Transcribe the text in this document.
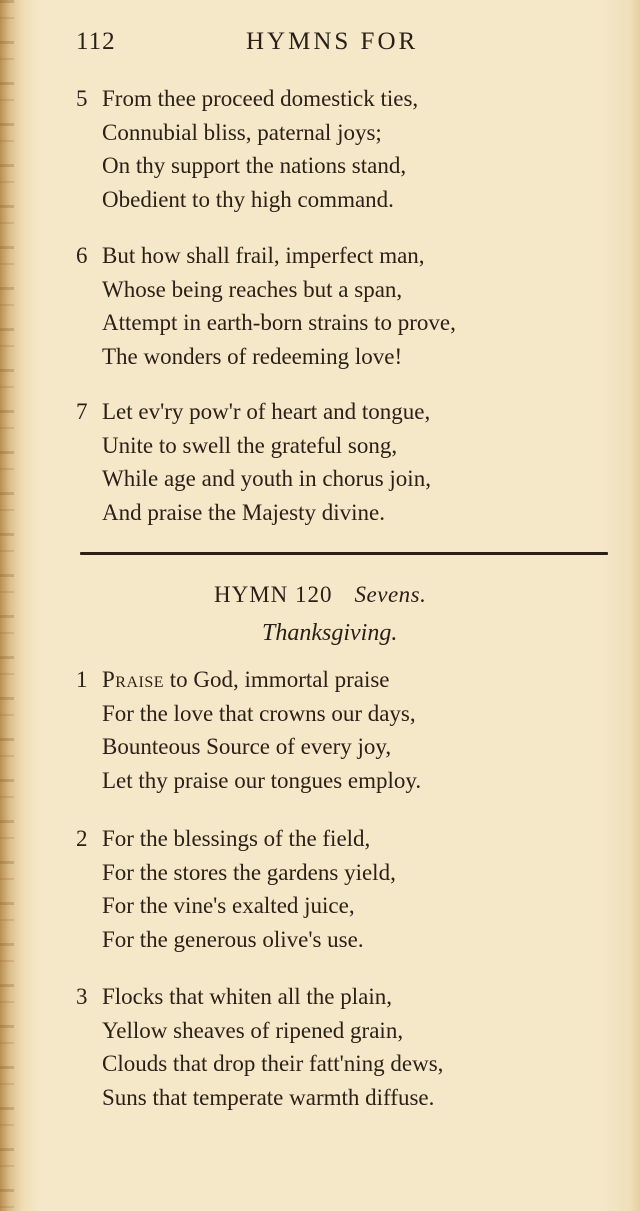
112	HYMNS FOR
5 From thee proceed domestick ties,
Connubial bliss, paternal joys;
On thy support the nations stand,
Obedient to thy high command.
6 But how shall frail, imperfect man,
Whose being reaches but a span,
Attempt in earth-born strains to prove,
The wonders of redeeming love!
7 Let ev'ry pow'r of heart and tongue,
Unite to swell the grateful song,
While age and youth in chorus join,
And praise the Majesty divine.
HYMN 120 Sevens.
Thanksgiving.
1 Praise to God, immortal praise
For the love that crowns our days,
Bounteous Source of every joy,
Let thy praise our tongues employ.
2 For the blessings of the field,
For the stores the gardens yield,
For the vine's exalted juice,
For the generous olive's use.
3 Flocks that whiten all the plain,
Yellow sheaves of ripened grain,
Clouds that drop their fatt'ning dews,
Suns that temperate warmth diffuse.
